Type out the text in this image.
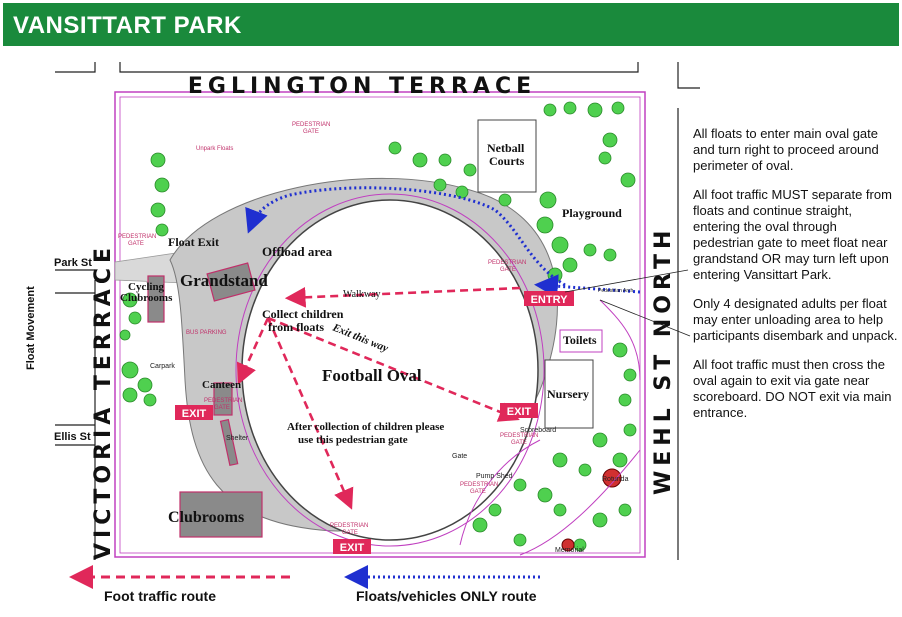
VANSITTART PARK
ENTRY
EXIT	EXIT
EXIT
EGLINGTON TERRACE
VICTORIA TERRACE	WEHL ST NORTH
Park St
Ellis St
Float Movement
Grandstand
Football Oval
Offload area
Float Exit
Cycling
Clubrooms
Clubrooms
Netball
Courts
Playground
Toilets
Nursery
Canteen
Walkway
Collect children
from floats Exit this way
After collection of children please
use this pedestrian gate
Unpark Floats
PEDESTRIAN
GATE
PEDESTRIAN
GATE
PEDESTRIAN
GATE
PEDESTRIAN
GATE
PEDESTRIAN
GATE
PEDESTRIAN
GATE
PEDESTRIAN
GATE
BUS PARKING
Carpark
Shelter
Scoreboard
Pump Shed
Gate
Rotunda
Memorial
Pedestrian Arch

All floats to enter main oval gate and turn right to proceed around perimeter of oval.

All foot traffic MUST separate from floats and continue straight, entering the oval through pedestrian gate to meet float near grandstand OR may turn left upon entering Vansittart Park.

Only 4 designated adults per float may enter unloading area to help participants disembark and unpack.

All foot traffic must then cross the oval again to exit via gate near scoreboard. DO NOT exit via main entrance.

Foot traffic route	Floats/vehicles ONLY route
